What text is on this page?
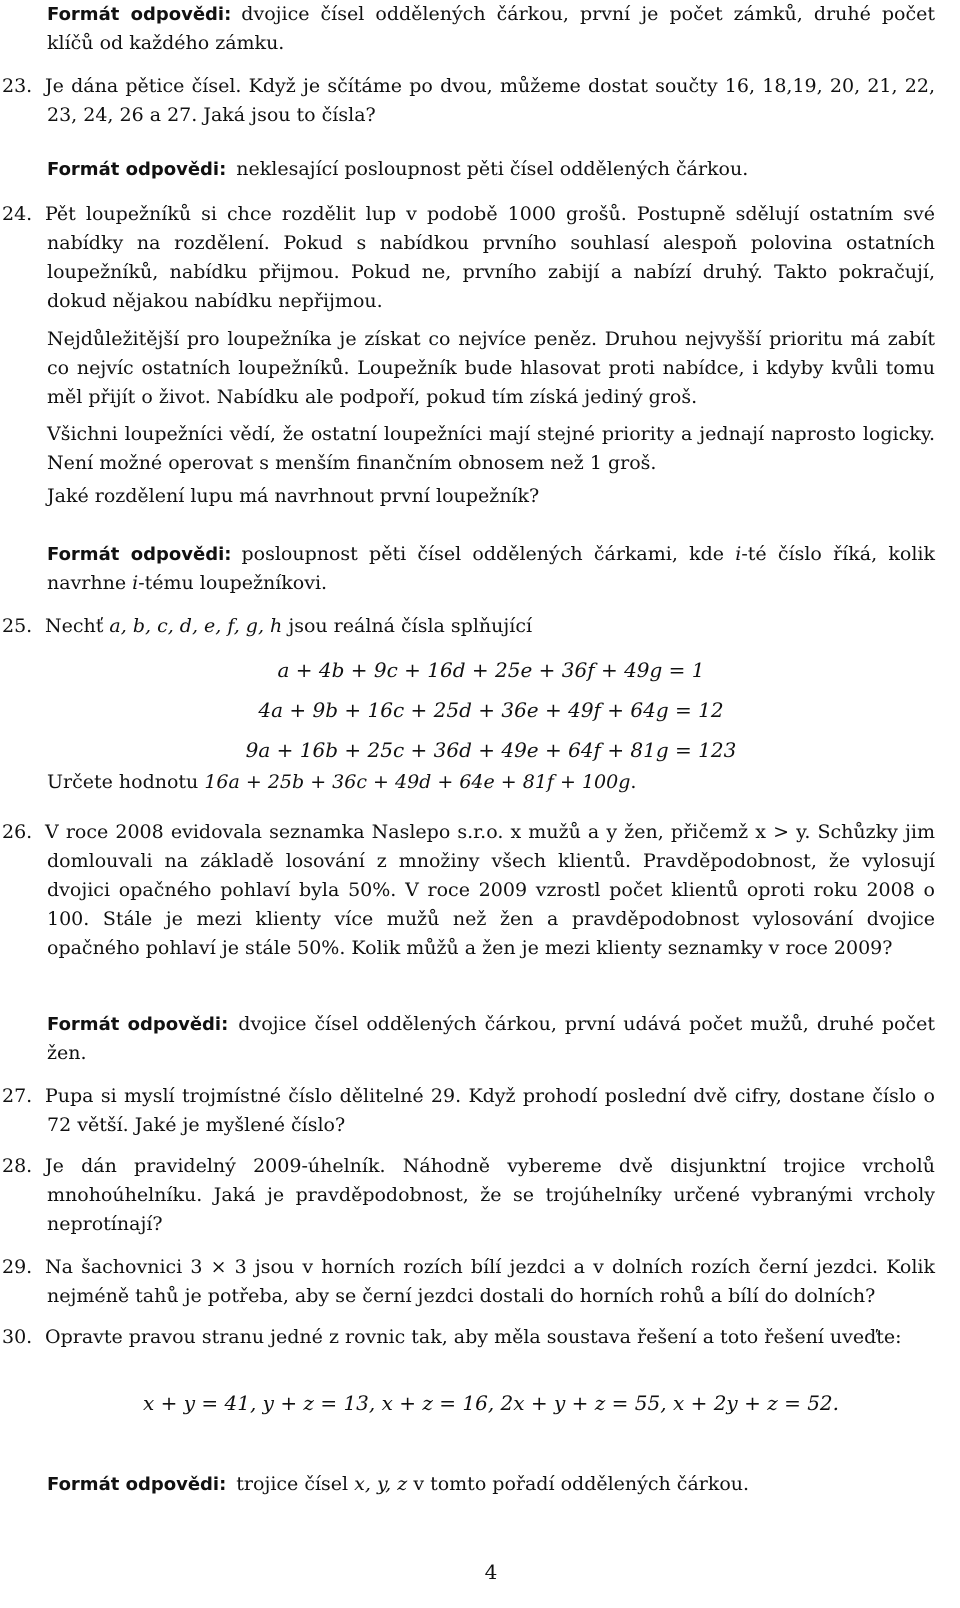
Formát odpovědi: dvojice čísel oddělených čárkou, první je počet zámků, druhé počet klíčů od každého zámku.

23. Je dána pětice čísel. Když je sčítáme po dvou, můžeme dostat součty 16, 18,19, 20, 21, 22, 23, 24, 26 a 27. Jaká jsou to čísla?

Formát odpovědi: neklesající posloupnost pěti čísel oddělených čárkou.

24. Pět loupežníků si chce rozdělit lup v podobě 1000 grošů. Postupně sdělují ostatním své nabídky na rozdělení. Pokud s nabídkou prvního souhlasí alespoň polovina ostatních loupežníků, nabídku přijmou. Pokud ne, prvního zabijí a nabízí druhý. Takto pokračují, dokud nějakou nabídku nepřijmou.

Nejdůležitější pro loupežníka je získat co nejvíce peněz. Druhou nejvyšší prioritu má zabít co nejvíc ostatních loupežníků. Loupežník bude hlasovat proti nabídce, i kdyby kvůli tomu měl přijít o život. Nabídku ale podpoří, pokud tím získá jediný groš.

Všichni loupežníci vědí, že ostatní loupežníci mají stejné priority a jednají naprosto logicky. Není možné operovat s menším finančním obnosem než 1 groš.

Jaké rozdělení lupu má navrhnout první loupežník?

Formát odpovědi: posloupnost pěti čísel oddělených čárkami, kde i-té číslo říká, kolik navrhne i-tému loupežníkovi.

25. Nechť a, b, c, d, e, f, g, h jsou reálná čísla splňující

a + 4b + 9c + 16d + 25e + 36f + 49g = 1

4a + 9b + 16c + 25d + 36e + 49f + 64g = 12

9a + 16b + 25c + 36d + 49e + 64f + 81g = 123

Určete hodnotu 16a + 25b + 36c + 49d + 64e + 81f + 100g.

26. V roce 2008 evidovala seznamka Naslepo s.r.o. x mužů a y žen, přičemž x > y. Schůzky jim domlouvali na základě losování z množiny všech klientů. Pravděpodobnost, že vylosují dvojici opačného pohlaví byla 50%. V roce 2009 vzrostl počet klientů oproti roku 2008 o 100. Stále je mezi klienty více mužů než žen a pravděpodobnost vylosování dvojice opačného pohlaví je stále 50%. Kolik můžů a žen je mezi klienty seznamky v roce 2009?

Formát odpovědi: dvojice čísel oddělených čárkou, první udává počet mužů, druhé počet žen.

27. Pupa si myslí trojmístné číslo dělitelné 29. Když prohodí poslední dvě cifry, dostane číslo o 72 větší. Jaké je myšlené číslo?

28. Je dán pravidelný 2009-úhelník. Náhodně vybereme dvě disjunktní trojice vrcholů mnohoúhelníku. Jaká je pravděpodobnost, že se trojúhelníky určené vybranými vrcholy neprotínají?

29. Na šachovnici 3 × 3 jsou v horních rozích bílí jezdci a v dolních rozích černí jezdci. Kolik nejméně tahů je potřeba, aby se černí jezdci dostali do horních rohů a bílí do dolních?

30. Opravte pravou stranu jedné z rovnic tak, aby měla soustava řešení a toto řešení uveďte:

x + y = 41, y + z = 13, x + z = 16, 2x + y + z = 55, x + 2y + z = 52.

Formát odpovědi: trojice čísel x, y, z v tomto pořadí oddělených čárkou.

4
